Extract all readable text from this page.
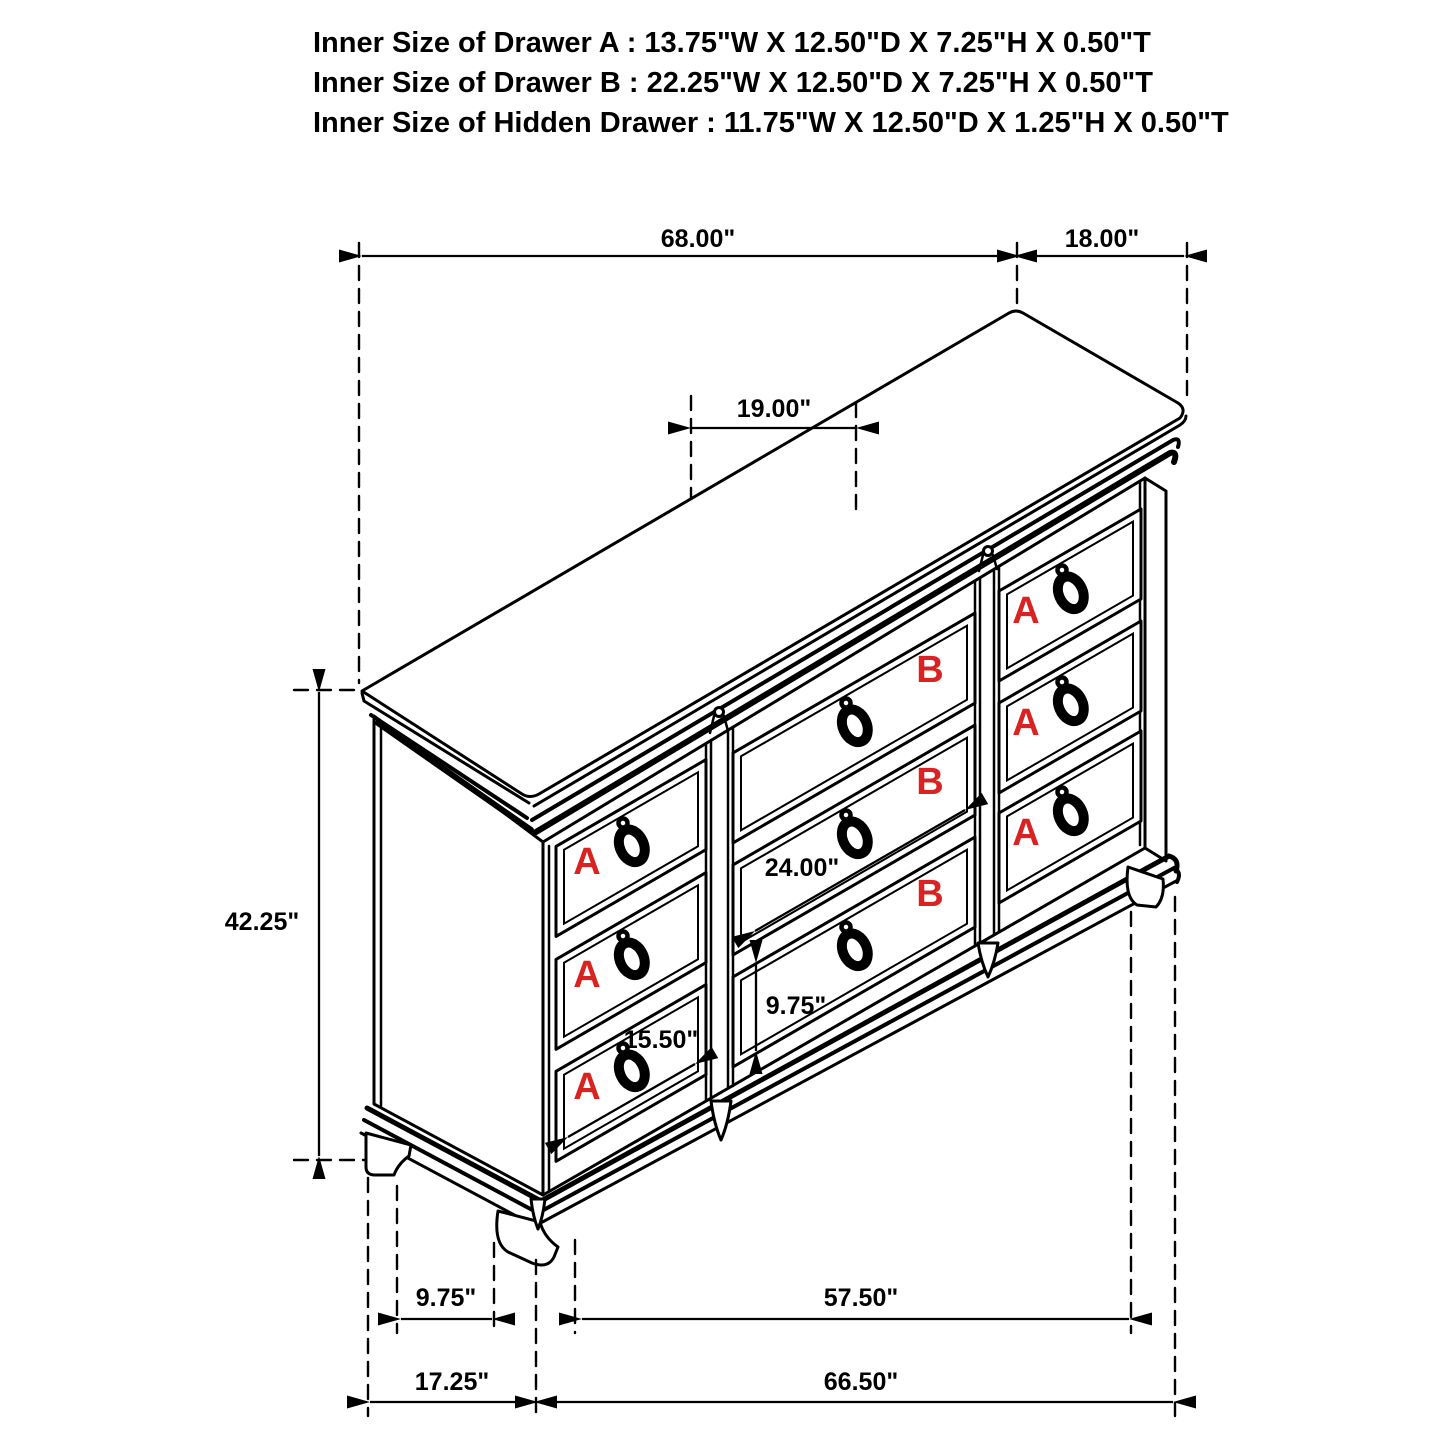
Inner Size of Drawer A : 13.75"W X 12.50"D X 7.25"H X 0.50"T
Inner Size of Drawer B : 22.25"W X 12.50"D X 7.25"H X 0.50"T
Inner Size of Hidden Drawer : 11.75"W X 12.50"D X 1.25"H X 0.50"T
A
A
A
B
B
B
A
A
A
68.00"	18.00"
19.00"
42.25"
24.00"
9.75"
15.50"
9.75"
17.25"
57.50"
66.50"
